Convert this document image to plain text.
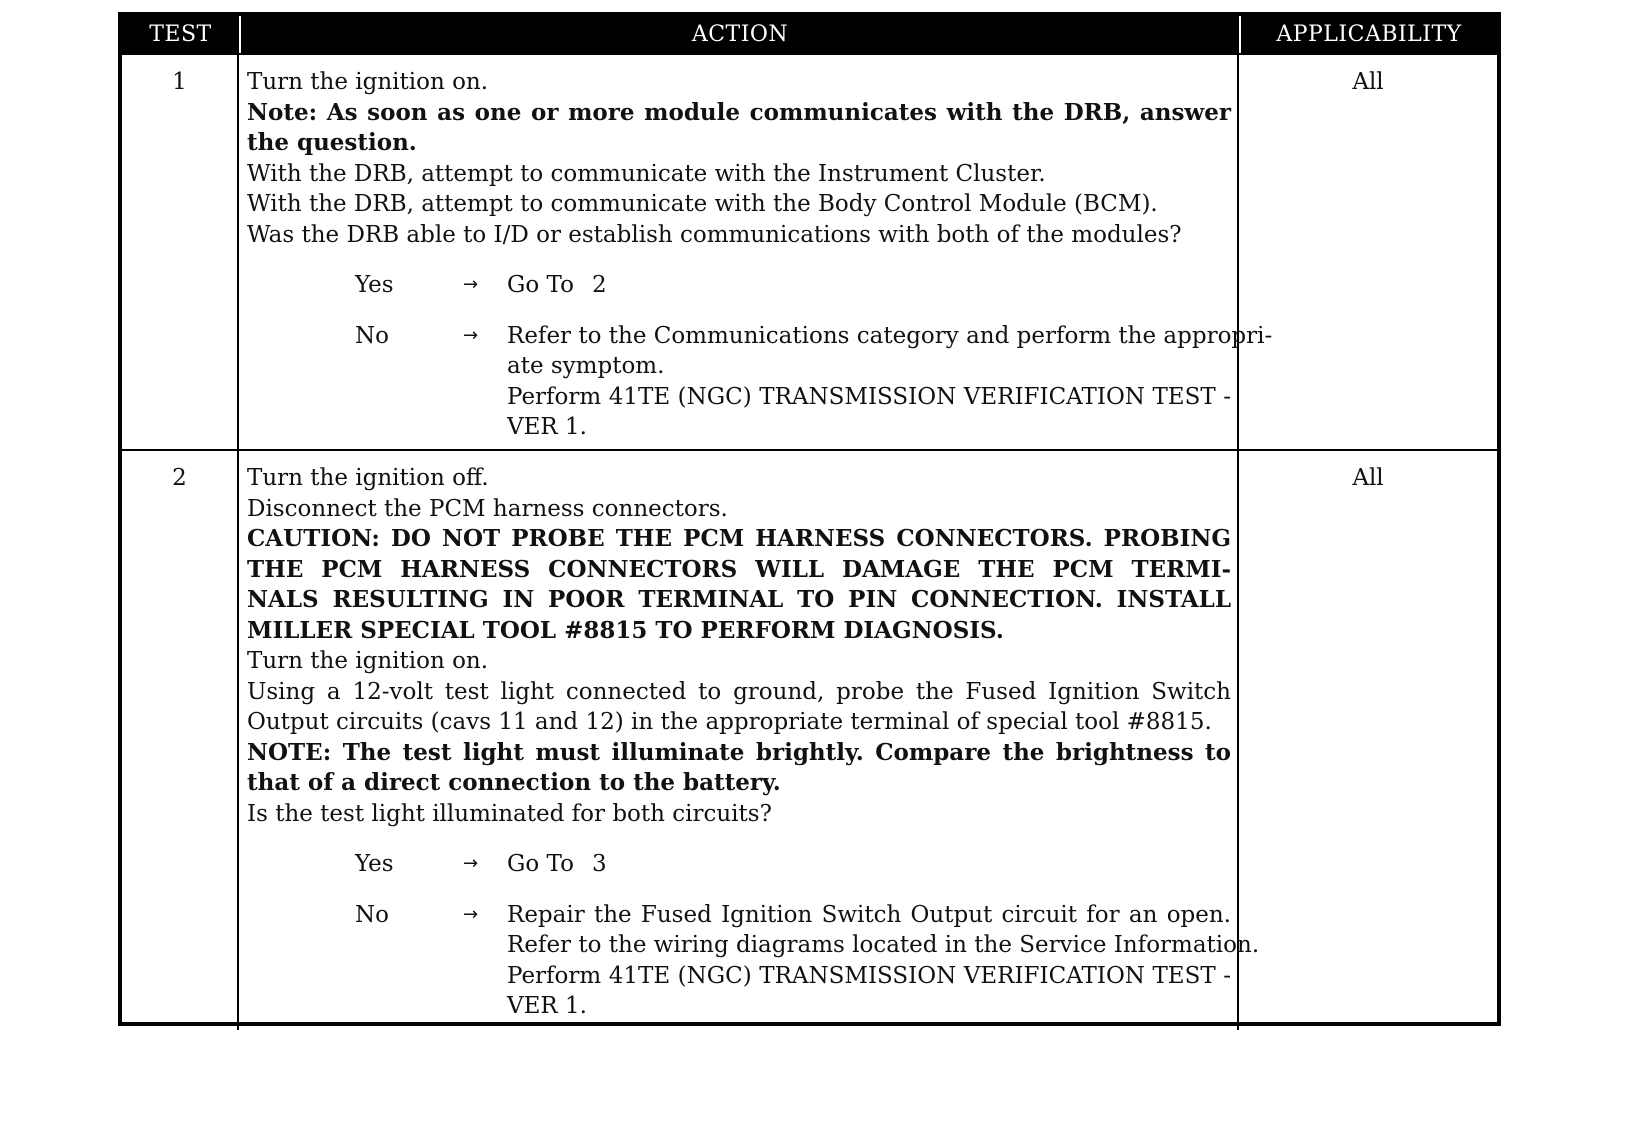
TEST	ACTION	APPLICABILITY
1	Turn the ignition on.
Note: As soon as one or more module communicates with the DRB, answer
the question.
With the DRB, attempt to communicate with the Instrument Cluster.
With the DRB, attempt to communicate with the Body Control Module (BCM).
Was the DRB able to I/D or establish communications with both of the modules?
Yes	→	Go To 2
No	→	Refer to the Communications category and perform the appropri-
ate symptom.
Perform 41TE (NGC) TRANSMISSION VERIFICATION TEST -
VER 1.
All
2	Turn the ignition off.
Disconnect the PCM harness connectors.
CAUTION: DO NOT PROBE THE PCM HARNESS CONNECTORS. PROBING
THE PCM HARNESS CONNECTORS WILL DAMAGE THE PCM TERMI-
NALS RESULTING IN POOR TERMINAL TO PIN CONNECTION. INSTALL
MILLER SPECIAL TOOL #8815 TO PERFORM DIAGNOSIS.
Turn the ignition on.
Using a 12-volt test light connected to ground, probe the Fused Ignition Switch
Output circuits (cavs 11 and 12) in the appropriate terminal of special tool #8815.
NOTE: The test light must illuminate brightly. Compare the brightness to
that of a direct connection to the battery.
Is the test light illuminated for both circuits?
Yes	→	Go To 3
No	→	Repair the Fused Ignition Switch Output circuit for an open.
Refer to the wiring diagrams located in the Service Information.
Perform 41TE (NGC) TRANSMISSION VERIFICATION TEST -
VER 1.
All
